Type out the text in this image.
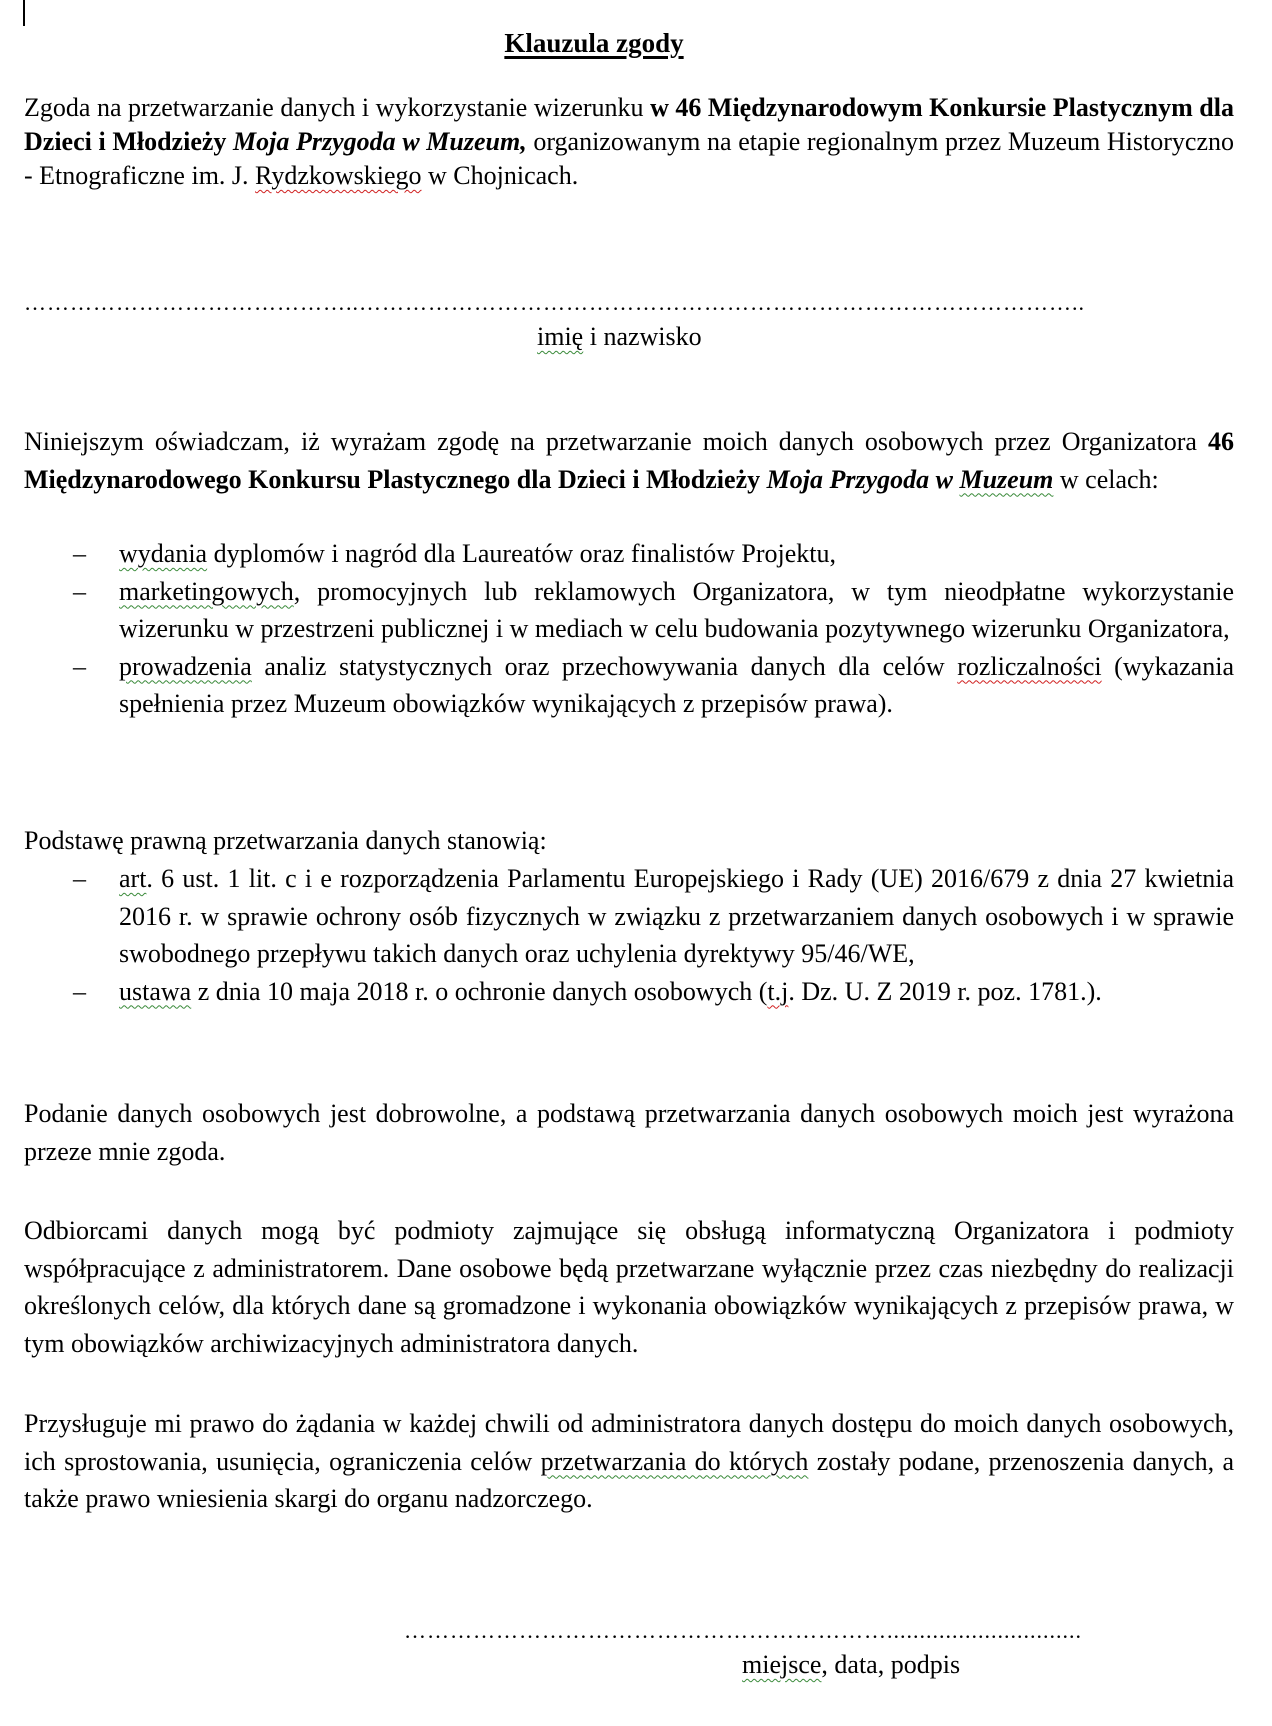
Klauzula zgody
Zgoda na przetwarzanie danych i wykorzystanie wizerunku w 46 Międzynarodowym Konkursie Plastycznym dla Dzieci i Młodzieży Moja Przygoda w Muzeum, organizowanym na etapie regionalnym przez Muzeum Historyczno - Etnograficzne im. J. Rydzkowskiego w Chojnicach.
……………………………………..…………………………………………………………………………………..
imię i nazwisko
Niniejszym oświadczam, iż wyrażam zgodę na przetwarzanie moich danych osobowych przez Organizatora 46 Międzynarodowego Konkursu Plastycznego dla Dzieci i Młodzieży Moja Przygoda w Muzeum w celach:
– wydania dyplomów i nagród dla Laureatów oraz finalistów Projektu,
– marketingowych, promocyjnych lub reklamowych Organizatora, w tym nieodpłatne wykorzystanie wizerunku w przestrzeni publicznej i w mediach w celu budowania pozytywnego wizerunku Organizatora,
– prowadzenia analiz statystycznych oraz przechowywania danych dla celów rozliczalności (wykazania spełnienia przez Muzeum obowiązków wynikających z przepisów prawa).
Podstawę prawną przetwarzania danych stanowią:
– art. 6 ust. 1 lit. c i e rozporządzenia Parlamentu Europejskiego i Rady (UE) 2016/679 z dnia 27 kwietnia 2016 r. w sprawie ochrony osób fizycznych w związku z przetwarzaniem danych osobowych i w sprawie swobodnego przepływu takich danych oraz uchylenia dyrektywy 95/46/WE,
– ustawa z dnia 10 maja 2018 r. o ochronie danych osobowych (t.j. Dz. U. Z 2019 r. poz. 1781.).
Podanie danych osobowych jest dobrowolne, a podstawą przetwarzania danych osobowych moich jest wyrażona przeze mnie zgoda.
Odbiorcami danych mogą być podmioty zajmujące się obsługą informatyczną Organizatora i podmioty współpracujące z administratorem. Dane osobowe będą przetwarzane wyłącznie przez czas niezbędny do realizacji określonych celów, dla których dane są gromadzone i wykonania obowiązków wynikających z przepisów prawa, w tym obowiązków archiwizacyjnych administratora danych.
Przysługuje mi prawo do żądania w każdej chwili od administratora danych dostępu do moich danych osobowych, ich sprostowania, usunięcia, ograniczenia celów przetwarzania do których zostały podane, przenoszenia danych, a także prawo wniesienia skargi do organu nadzorczego.
………………………………………………………..............................
miejsce, data, podpis
